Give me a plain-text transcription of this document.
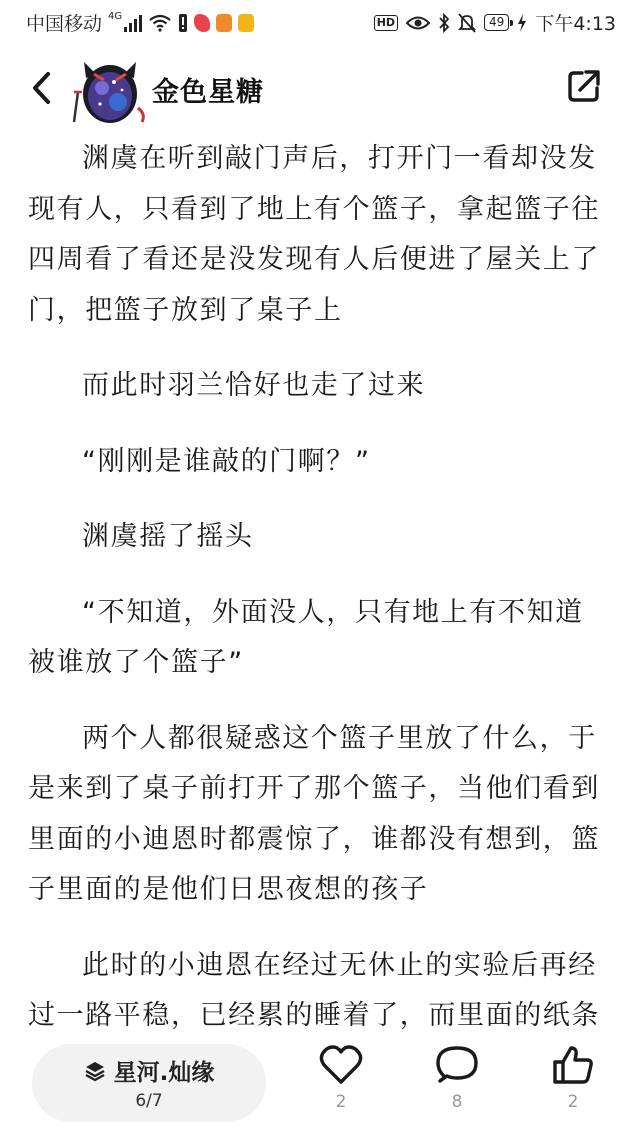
中国移动 4G	HD	49 下午4:13
金色星糖

渊虞在听到敲门声后，打开门一看却没发现有人，只看到了地上有个篮子，拿起篮子往四周看了看还是没发现有人后便进了屋关上了门，把篮子放到了桌子上

而此时羽兰恰好也走了过来

“刚刚是谁敲的门啊？”

渊虞摇了摇头

“不知道，外面没人，只有地上有不知道被谁放了个篮子”

两个人都很疑惑这个篮子里放了什么，于是来到了桌子前打开了那个篮子，当他们看到里面的小迪恩时都震惊了，谁都没有想到，篮子里面的是他们日思夜想的孩子

此时的小迪恩在经过无休止的实验后再经过一路平稳，已经累的睡着了，而里面的纸条

星河.灿缘
6/7	2	8	2
